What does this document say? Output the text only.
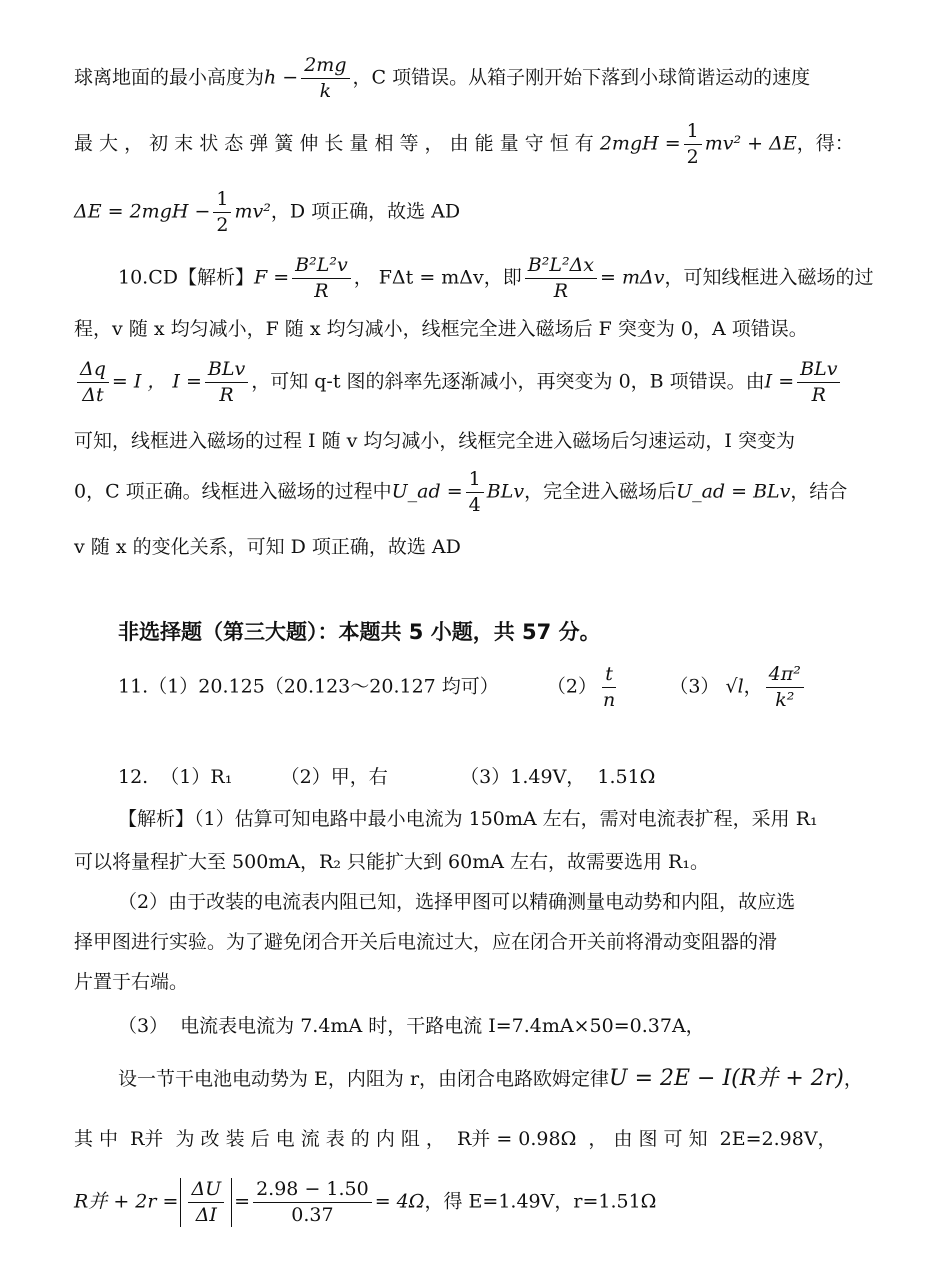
球离地面的最小高度为$h - \frac{2mg}{k}$ ，C 项错误。从箱子刚开始下落到小球简谐运动的速度
最 大 ， 初 末 状 态 弹 簧 伸 长 量 相 等 ， 由 能 量 守 恒 有 $2mgH = \frac{1}{2} mv^2 + \Delta E$，得：
$\Delta E = 2mgH - \frac{1}{2} mv^2$，D 项正确，故选 AD
10.CD【解析】$F = \frac{\text{B²L²v}}{R}$ ， FΔt = mΔv，即 $\frac{\text{B²L²Δx}}{R} = m\Delta v$，可知线框进入磁场的过
程，v 随 x 均匀减小，F 随 x 均匀减小，线框完全进入磁场后 F 突变为 0，A 项错误。
$\frac{\Delta q}{\Delta t} = I$ ， $I = \frac{\text{BLv}}{R}$ ，可知 q-t 图的斜率先逐渐减小，再突变为 0，B 项错误。由$I = \frac{\text{BLv}}{R}$
可知，线框进入磁场的过程 I 随 v 均匀减小，线框完全进入磁场后匀速运动，I 突变为
0，C 项正确。线框进入磁场的过程中U_ad = $\frac{1}{4}$ BLv，完全进入磁场后U_ad = BLv，结合
v 随 x 的变化关系，可知 D 项正确，故选 AD
非选择题（第三大题）：本题共 5 小题，共 57 分。
11.（1）20.125（20.123～20.127 均可）	$(2) \frac{t}{n}$	（3） √l， $\frac{\text{4π²}}{\text{k²}}$
12.  （1）R₁        （2）甲，右            （3）1.49V，  1.51Ω
【解析】（1）估算可知电路中最小电流为 150mA 左右，需对电流表扩程，采用 R₁
可以将量程扩大至 500mA，R₂ 只能扩大到 60mA 左右，故需要选用 R₁。
（2）由于改装的电流表内阻已知，选择甲图可以精确测量电动势和内阻，故应选
择甲图进行实验。为了避免闭合开关后电流过大，应在闭合开关前将滑动变阻器的滑
片置于右端。
（3）  电流表电流为 7.4mA 时，干路电流 I=7.4mA×50=0.37A，
设一节干电池电动势为 E，内阻为 r，由闭合电路欧姆定律U = 2E − I(R并 + 2r)，
其 中  R并  为 改 装 后 电 流 表 的 内 阻 ，  R并 = 0.98Ω  ， 由 图 可 知  2E=2.98V，
R并 + $2r = \frac{\Delta U}{\Delta I} = \frac{2.98 - 1.50}{0.37} = 4\Omega$，得 E=1.49V，r=1.51Ω
